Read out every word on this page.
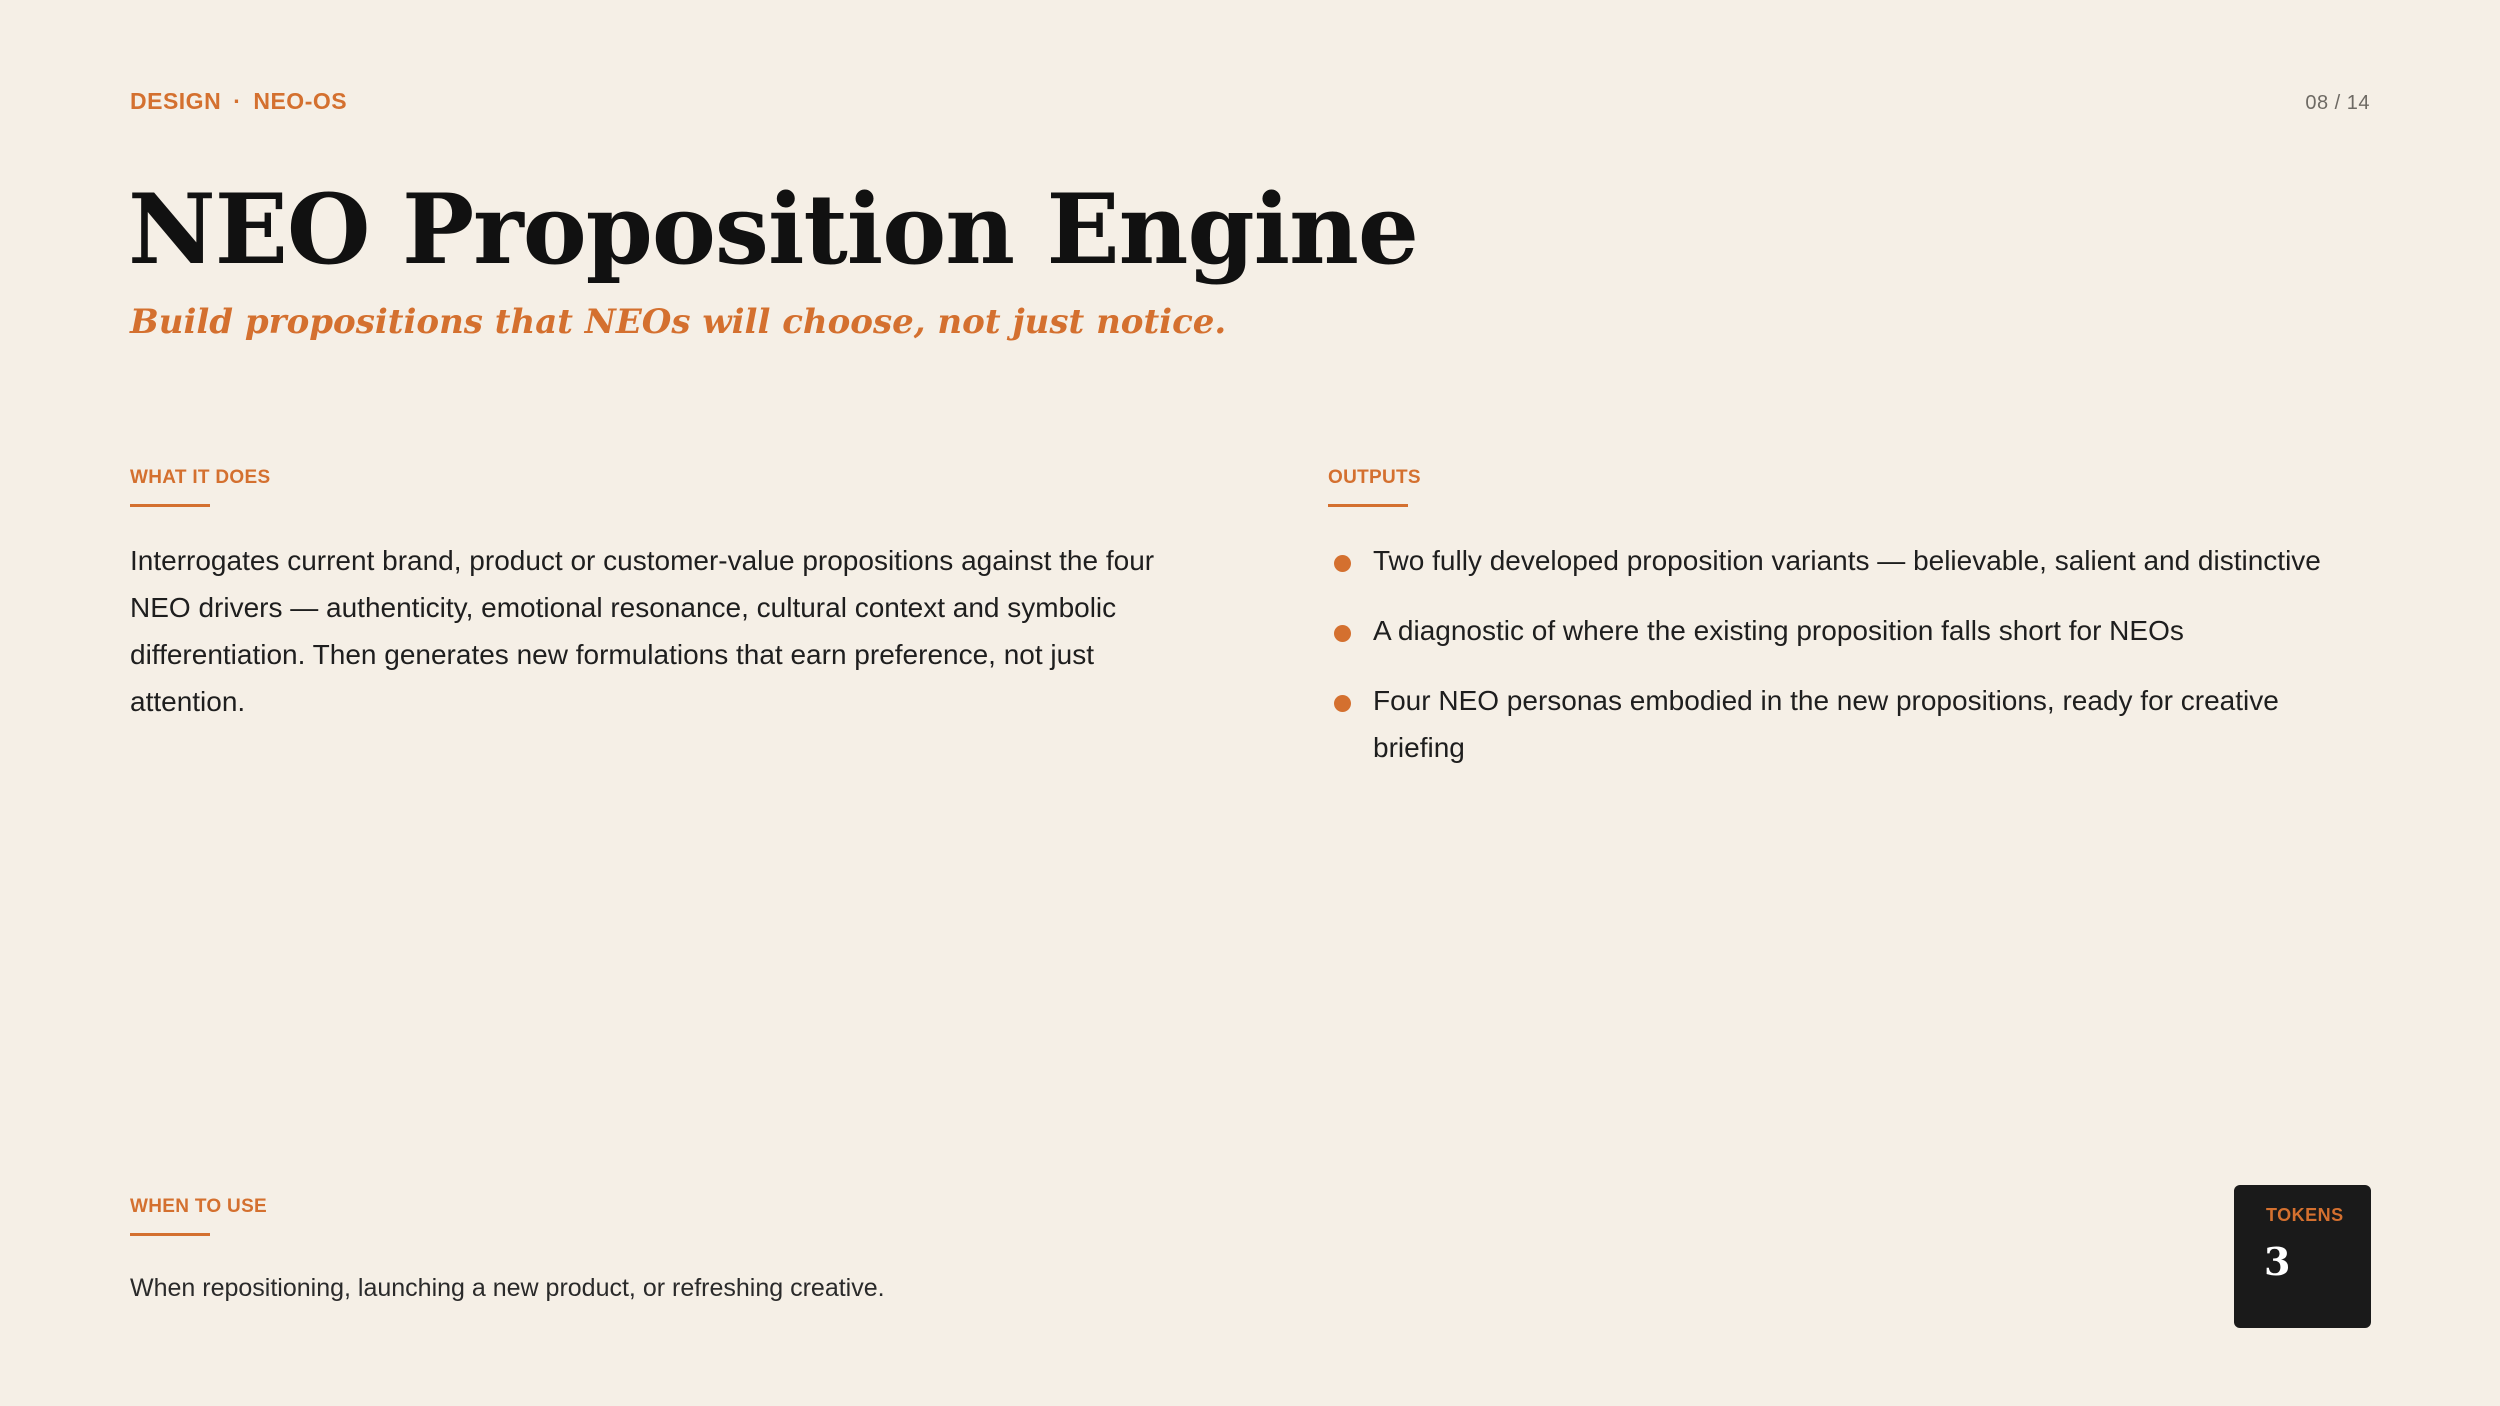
DESIGN · NEO-OS	08 / 14
NEO Proposition Engine
Build propositions that NEOs will choose, not just notice.
WHAT IT DOES

Interrogates current brand, product or customer-value propositions against the four NEO drivers — authenticity, emotional resonance, cultural context and symbolic differentiation. Then generates new formulations that earn preference, not just attention.

OUTPUTS
Two fully developed proposition variants — believable, salient and distinctive
A diagnostic of where the existing proposition falls short for NEOs
Four NEO personas embodied in the new propositions, ready for creative briefing
WHEN TO USE

When repositioning, launching a new product, or refreshing creative.

TOKENS
3
